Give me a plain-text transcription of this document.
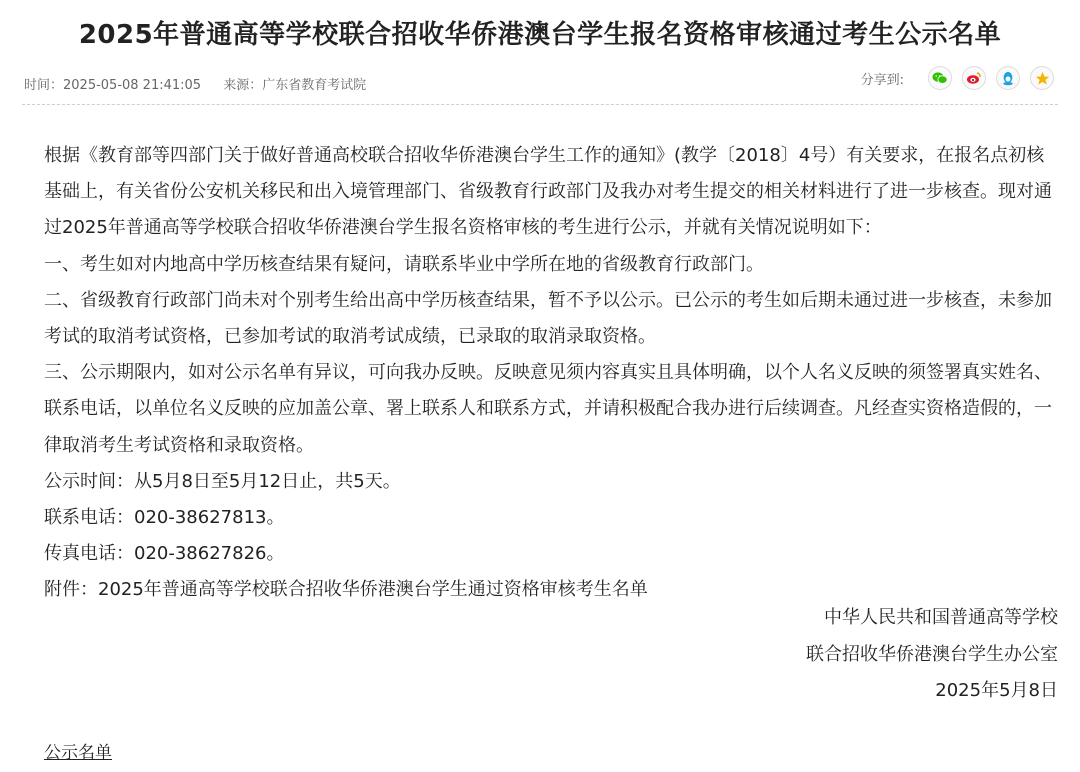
2025年普通高等学校联合招收华侨港澳台学生报名资格审核通过考生公示名单
时间：2025-05-08 21:41:05 来源：广东省教育考试院	分享到:

根据《教育部等四部门关于做好普通高校联合招收华侨港澳台学生工作的通知》(教学〔2018〕4号）有关要求，在报名点初核基础上，有关省份公安机关移民和出入境管理部门、省级教育行政部门及我办对考生提交的相关材料进行了进一步核查。现对通过2025年普通高等学校联合招收华侨港澳台学生报名资格审核的考生进行公示，并就有关情况说明如下：

一、考生如对内地高中学历核查结果有疑问，请联系毕业中学所在地的省级教育行政部门。

二、省级教育行政部门尚未对个别考生给出高中学历核查结果，暂不予以公示。已公示的考生如后期未通过进一步核查，未参加考试的取消考试资格，已参加考试的取消考试成绩，已录取的取消录取资格。

三、公示期限内，如对公示名单有异议，可向我办反映。反映意见须内容真实且具体明确，以个人名义反映的须签署真实姓名、联系电话，以单位名义反映的应加盖公章、署上联系人和联系方式，并请积极配合我办进行后续调查。凡经查实资格造假的，一律取消考生考试资格和录取资格。

公示时间：从5月8日至5月12日止，共5天。

联系电话：020-38627813。

传真电话：020-38627826。

附件：2025年普通高等学校联合招收华侨港澳台学生通过资格审核考生名单

中华人民共和国普通高等学校
联合招收华侨港澳台学生办公室
2025年5月8日
公示名单
